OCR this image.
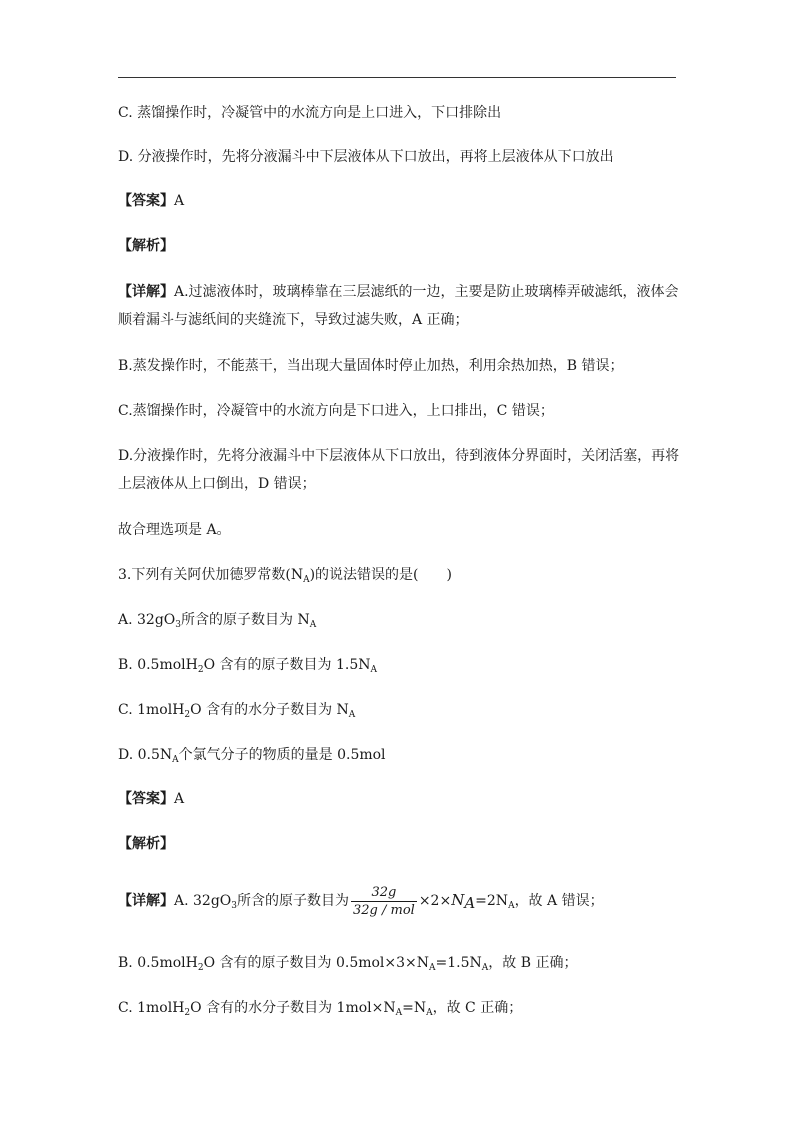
C. 蒸馏操作时，冷凝管中的水流方向是上口进入，下口排除出
D. 分液操作时，先将分液漏斗中下层液体从下口放出，再将上层液体从下口放出
【答案】A
【解析】
【详解】A.过滤液体时，玻璃棒靠在三层滤纸的一边，主要是防止玻璃棒弄破滤纸，液体会
顺着漏斗与滤纸间的夹缝流下，导致过滤失败，A 正确；
B.蒸发操作时，不能蒸干，当出现大量固体时停止加热，利用余热加热，B 错误；
C.蒸馏操作时，冷凝管中的水流方向是下口进入，上口排出，C 错误；
D.分液操作时，先将分液漏斗中下层液体从下口放出，待到液体分界面时，关闭活塞，再将
上层液体从上口倒出，D 错误；
故合理选项是 A。
3.下列有关阿伏加德罗常数$(N_A)$的说法错误的是(　　)
A. $32gO_3$所含的原子数目为 $N_A$
B. 0.5molH$_2$O 含有的原子数目为 $1.5N_A$
C. 1molH$_2$O 含有的水分子数目为 $N_A$
D. $0.5N_A$个氯气分子的物质的量是 0.5mol
【答案】A
【解析】
【详解】A. $32gO_3$所含的原子数目为 $\frac{32g}{\text{32g / mol}} \times 2\times N_A=2N_A$，故 A 错误；
B. 0.5molH$_2$O 含有的原子数目为 $0.5mol\times 3\times N_A=1.5N_A$，故 B 正确；
C. 1molH$_2$O 含有的水分子数目为 $1mol\times N_A=N_A$，故 C 正确；
